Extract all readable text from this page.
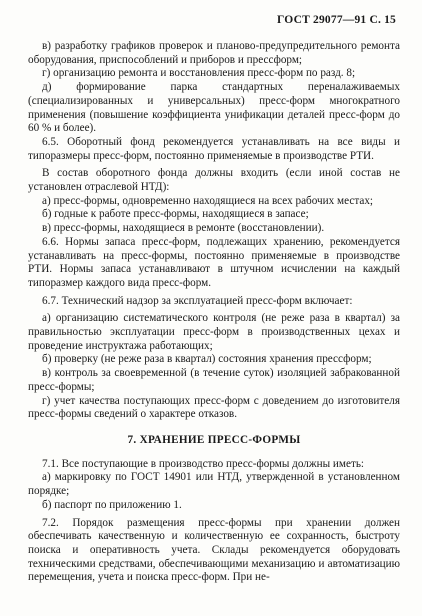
ГОСТ 29077—91 С. 15

в) разработку графиков проверок и планово-предупредительного ремонта оборудования, приспособлений и приборов и прессформ;

г) организацию ремонта и восстановления пресс-форм по разд. 8;

д) формирование парка стандартных переналаживаемых (специализированных и универсальных) пресс-форм многократного применения (повышение коэффициента унификации деталей пресс-форм до 60 % и более).

6.5. Оборотный фонд рекомендуется устанавливать на все виды и типоразмеры пресс-форм, постоянно применяемые в производстве РТИ.

В состав оборотного фонда должны входить (если иной состав не установлен отраслевой НТД):

а) пресс-формы, одновременно находящиеся на всех рабочих местах;

б) годные к работе пресс-формы, находящиеся в запасе;

в) пресс-формы, находящиеся в ремонте (восстановлении).

6.6. Нормы запаса пресс-форм, подлежащих хранению, рекомендуется устанавливать на пресс-формы, постоянно применяемые в производстве РТИ. Нормы запаса устанавливают в штучном исчислении на каждый типоразмер каждого вида пресс-форм.

6.7. Технический надзор за эксплуатацией пресс-форм включает:

а) организацию систематического контроля (не реже раза в квартал) за правильностью эксплуатации пресс-форм в производственных цехах и проведение инструктажа работающих;

б) проверку (не реже раза в квартал) состояния хранения прессформ;

в) контроль за своевременной (в течение суток) изоляцией забракованной пресс-формы;

г) учет качества поступающих пресс-форм с доведением до изготовителя пресс-формы сведений о характере отказов.

7. ХРАНЕНИЕ ПРЕСС-ФОРМЫ

7.1. Все поступающие в производство пресс-формы должны иметь:

а) маркировку по ГОСТ 14901 или НТД, утвержденной в установленном порядке;

б) паспорт по приложению 1.

7.2. Порядок размещения пресс-формы при хранении должен обеспечивать качественную и количественную ее сохранность, быстроту поиска и оперативность учета. Склады рекомендуется оборудовать техническими средствами, обеспечивающими механизацию и автоматизацию перемещения, учета и поиска пресс-форм. При не-
